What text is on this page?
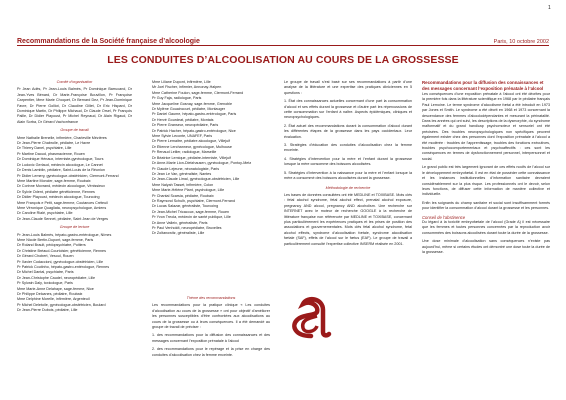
1
Recommandations de la Société française d’alcoologie	Paris, 10 octobre 2002
LES CONDUITES D’ALCOOLISATION AU COURS DE LA GROSSESSE

Comité d’organisation

Pr Jean Adès, Pr Jean-Louis Balmès, Pr Dominique Barrucand, Dr Jean-Yves Bénard, Dr Marie-Françoise Bouvillon, Pr Françoise Carpentier, Mme Marie Choquet, Dr Bernard Dez, Pr Jean-Dominique Favre, Dr Pierre Golliot, Dr Claudine Gillet, Dr Eric Hispard, Dr Dominique Martin, Dr Philippe Michaud, Dr Claude Orsel, Pr François Paille, Dr Didier Playoust, Pr Michel Reynaud, Dr Alain Rigaud, Dr Alain Sorba, Dr Gérard Vachonfrance

Groupe de travail

Mme Nathalie Brenelle, infirmière, Charleville Mézières

Dr Jean-Pierre Chabrolle, pédiatre, Le Havre

Dr Thierry Danel, psychiatre, Lille

Pr Martine Daoud, phasmacienne, Rouen

Dr Dominique Hénaux, interniste-gynécologue, Tours

Dr Ludovic Gerlaud, médecin alcoologue, Le Cannet

Dr Denis Lamblin, pédiatre, Saint-Louis de la Réunion

Pr Didier Lemery, gynécologue-obstétricien, Clermont-Ferrand

Mme Martine Moncler, sage-femme, Roubaix

Dr Corinne Movrand, médecin alcoologue, Vénissieux

Dr Sylvie Odent, pédiatre généticienne, Rennes

Dr Didier Playoust, médecin alcoologue, Tourcoing

Mme François e Petit, sage-femme, Coutances Créteuil

Mme Véronique Quagliata, neuropsychologue, Amiens

Dr Caroline Rialé, psychiatre, Lille

Dr Jean-Claude Sennet, pédiatre, Saint Jean de Verges

Groupe de lecture

Pr Jean-Louis Balmès, hépato-gastro-entérologue, Nîmes

Mme Nicole Bertin-Dupont, sage-femme, Paris

Dr Roland Brault, pédopsychiatre, Poitiers

Dr Christine Bréaud-Courtoisier, généticienne, Rennes

Dr Gérard Chobert, Vesoul, Rouen

Pr Xavier Codaccioni, gynécologue-obstétricien, Lille

Pr Patrick Coutinho, hépato-gastro-entérologue, Rennes

Dr Michel Dantal, psychiatre, Paris

Dr Jean-Christophe Caudel, neuropédiatre, Lille

Pr Sylvain Daly, toxicologue, Paris

Mme Marie-Anne Delahaye, sage-femme, Nice

Dr Philippe Delcanes, pédiatre, Roubaix

Mme Delphine Morelle, infirmière, Argenteuil

Pr Michel Deletoile, gynécologue-obstétricien, Boulard

Dr Jean-Pierre Dubois, pédiatre, Lille

Mme Liliane Dupont, infirmière, Lille

Mr Joel Fischer, infirmier, Annonay-Halpen

Mme Catherine Foulon, sage-femme, Clermont-Ferrand

Pr Guy Faja, radiologue, Paris

Mme Jacqueline Gosnay, sage-femme, Grenoble

Dr Mylène Gouaincourt, pédiatre, Montauger

Pr Daniel Gaume, hépato-gastro-entérologue, Paris

Dr Hervé Gourdeat, pédiatre, Montais

Dr Pierre Granseur, neuropédiatre, Paris

Dr Patrick Hacher, hépato-gastro-entérologue, Nice

Mme Sylvie Leconte, UNAFEF, Paris

Dr Pierre Lemaitre, pédiatre alcoologue, Villejuif

Dr Étienne Lerchanneur, gynécologue, Mulhouse

Pr Renaud Leilier, radiologue, Marseille

Dr Béatrice Lemique, pédiatre-interniste, Villejuif

Dr Anne-Marie Lion-Dietzhausen, gynécologue, Pontoy-Metz

Pr Claude Lejeune, néonatologiste, Paris

Dr Jean Le Van, généraliste, Nantes

Dr Jean-Claude Limal, gynécologue-obstétricien, Lille

Mme Nalyah Tasset, infirmière, Colon

Mme Marie-Hélène Plant, psychologue, Lille

Pr Chantal Scarsia, pédiatre, Roubaix

Dr Raymond Schulh, psychiatre, Clermont-Ferrand

Dr Lucas Salazar, généraliste, Tourcoing

Dr Jean-Michel Tricacoux, sage-femme, Rouen

Pr Yvon Treola, médecin de santé publique, Lille

Dr Anne Valleix, généraliste, Paris

Pr Paul Venholdt, neuropédiatre, Bruxelles

Dr Zoltanowitz, généraliste, Lille

Thème des recommandations

Les recommandations pour la pratique clinique « Les conduites d’alcoolisation au cours de la grossesse » ont pour objectif d’améliorer les personnes susceptibles d’être confrontées aux alcoolisations au cours de la grossesse ou à leurs conséquences. Il a été demandé au groupe de travail de préciser :

1. des recommandations pour la diffusion des connaissances et des messages concernant l’exposition prénatale à l’alcool

2. des recommandations pour le repérage et la prise en charge des conduites d’alcoolisation chez la femme enceinte.

Le groupe de travail s’est basé sur ses recommandations à partir d’une analyse de la littérature et une expertise des pratiques cliniciennes en 5 questions :

1. État des connaissances actuelles concernant d’une part la consommation d’alcool et ses effets durant la grossesse et d’autre part les répercussions de cette consommation sur l’enfant à naître. Aspects épidémiques, cliniques et neuropsychologiques.

2. État actuel des recommandations durant la consommation d’alcool durant les différentes étapes de la grossesse dans les pays occidentaux. Leur évaluation.

3. Stratégies d’éducation des conduites d’alcoolisation chez la femme enceinte.

4. Stratégies d’intervention pour la mère et l’enfant durant la grossesse lorsque la mère consomme des boissons alcoolisées.

5. Stratégies d’intervention à la naissance pour la mère et l’enfant lorsque la mère a consommé des boissons alcoolisées durant la grossesse.

Méthodologie de recherche

Les bases de données consultées ont été MEDLINE et TOXIBASE. Mots clés : fetal alcohol syndrome, fetal alcohol effect, prenatal alcohol exposure, pregnancy AND alcool, pregnancy AND alcoholism. Une recherche sur INTERNET avec le moteur de recherche GOOGLE à la recherche de littérature française non référencée par MEDLINE et TOXIBASE, concernant plus particulièrement les expériences pratiques et les prises de position des associations et gouvernementales. Mots clés fetal alcohol syndrome, fetal alcohol effects, syndrome d’alcoolisation fœtale, syndrome alcoolisation fœtale (SAF), effets de l’alcool sur le fœtus (EAF). Le groupe de travail a particulièrement consulté l’expertise collective INSERM réalisée en 2001.

Recommandations pour la diffusion des connaissances et des messages concernant l’exposition prénatale à l’alcool

Les conséquences d’une exposition prénatale à l’alcool ont été décrites pour la première fois dans la littérature scientifique en 1968 par le pédiatre français Paul Lemoine. Le terme syndrome d’alcoolisme fœtal a été introduit en 1973 par Jones et Smith. Le syndrome a été décrit en 1968 et 1973 concernant la descendance des femmes d’alcoolodépendantes et mesurant la périnatalité. Dans les années qui ont suivi, les descriptions de la dysmorphie, du syndrome malformatif et du grand handicap psychomoteur et sensoriel ont été précisées. Des troubles neuropsychologiques non spécifiques peuvent également exister chez des personnes dont l’exposition prénatale à l’alcool a été modérée : troubles de l’apprentissage, troubles des fonctions exécutives, troubles psychocomportementaux et psychoaffectifs : ces sont les conséquences en termes de dysfonctionnement personnel, interpersonnel et social.

Le grand public est très largement ignorant de ces effets nocifs de l’alcool sur le développement embryofœtal. Il est en état de posséder cette connaissance et les instances institutionnelles d’information sanitaire devraient considérablement sur la plus risque. Les professionnels ont le devoir, selon leurs fonctions, de diffuser cette information de manière collective et individuelle.

Enfin les soignants du champ sanitaire et social sont insuffisamment formés pour identifier la consommation d’alcool durant la grossesse et les personnes.

Conseil de l’abstinence

Du légard à la toxicité embryofœtale de l’alcool (Grade A) il est nécessaire que les femmes et toutes personnes concernées par la reproduction avoir consommées des boissons alcoolisées durant toute la durée de la grossesse.

Une dose minimale d’alcoolisation sans conséquences n’existe pas aujourd’hui, même si certains études ont démontré une dose toute la durée de la grossesse.
